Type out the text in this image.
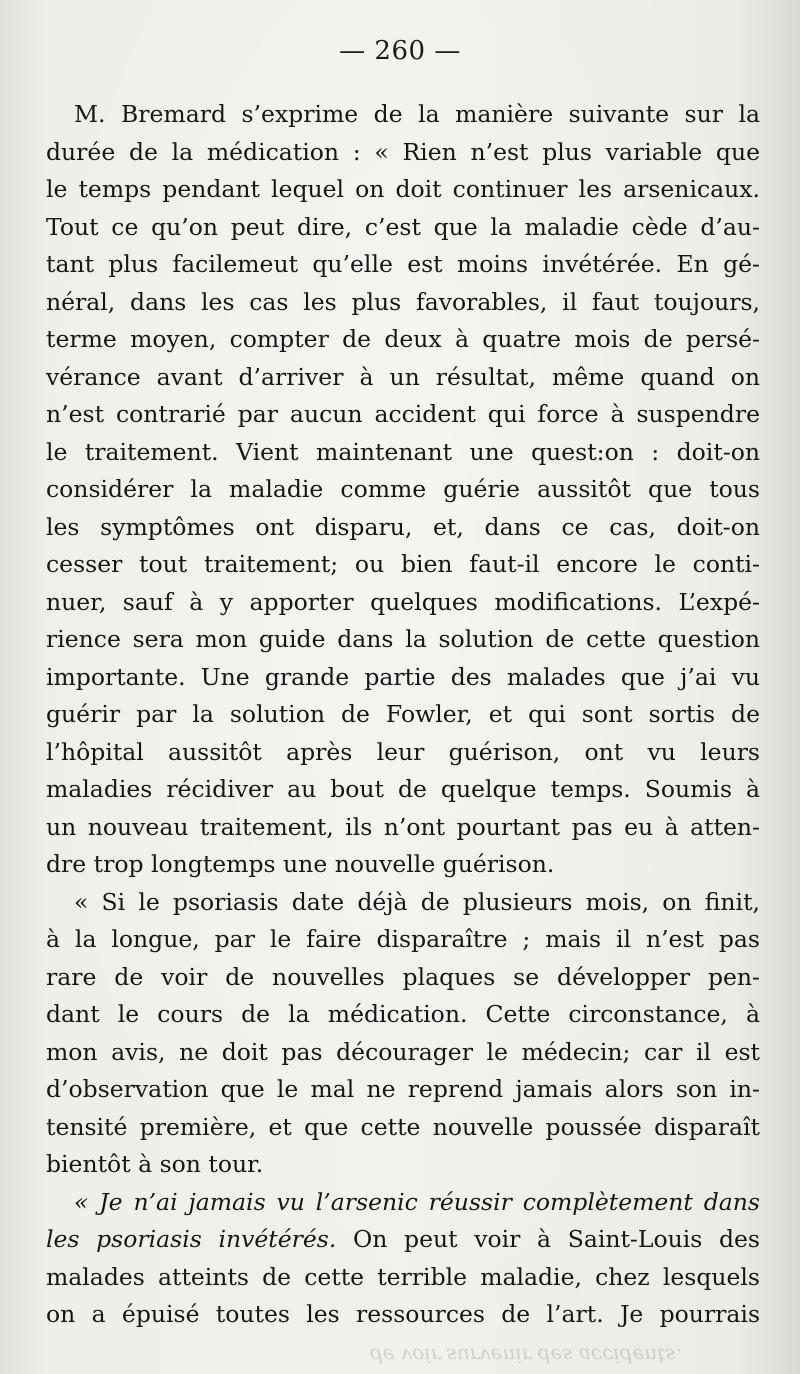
— 260 —
M. Bremard s’exprime de la manière suivante sur la
durée de la médication : « Rien n’est plus variable que
le temps pendant lequel on doit continuer les arsenicaux.
Tout ce qu’on peut dire, c’est que la maladie cède d’au-
tant plus facilemeut qu’elle est moins invétérée. En gé-
néral, dans les cas les plus favorables, il faut toujours,
terme moyen, compter de deux à quatre mois de persé-
vérance avant d’arriver à un résultat, même quand on
n’est contrarié par aucun accident qui force à suspendre
le traitement. Vient maintenant une quest:on : doit-on
considérer la maladie comme guérie aussitôt que tous
les symptômes ont disparu, et, dans ce cas, doit-on
cesser tout traitement; ou bien faut-il encore le conti-
nuer, sauf à y apporter quelques modifications. L’expé-
rience sera mon guide dans la solution de cette question
importante. Une grande partie des malades que j’ai vu
guérir par la solution de Fowler, et qui sont sortis de
l’hôpital aussitôt après leur guérison, ont vu leurs
maladies récidiver au bout de quelque temps. Soumis à
un nouveau traitement, ils n’ont pourtant pas eu à atten-
dre trop longtemps une nouvelle guérison.
« Si le psoriasis date déjà de plusieurs mois, on finit,
à la longue, par le faire disparaître ; mais il n’est pas
rare de voir de nouvelles plaques se développer pen-
dant le cours de la médication. Cette circonstance, à
mon avis, ne doit pas décourager le médecin; car il est
d’observation que le mal ne reprend jamais alors son in-
tensité première, et que cette nouvelle poussée disparaît
bientôt à son tour.
« Je n’ai jamais vu l’arsenic réussir complètement dans
les psoriasis invétérés. On peut voir à Saint-Louis des
malades atteints de cette terrible maladie, chez lesquels
on a épuisé toutes les ressources de l’art. Je pourrais
de voir survenir des accidents.
